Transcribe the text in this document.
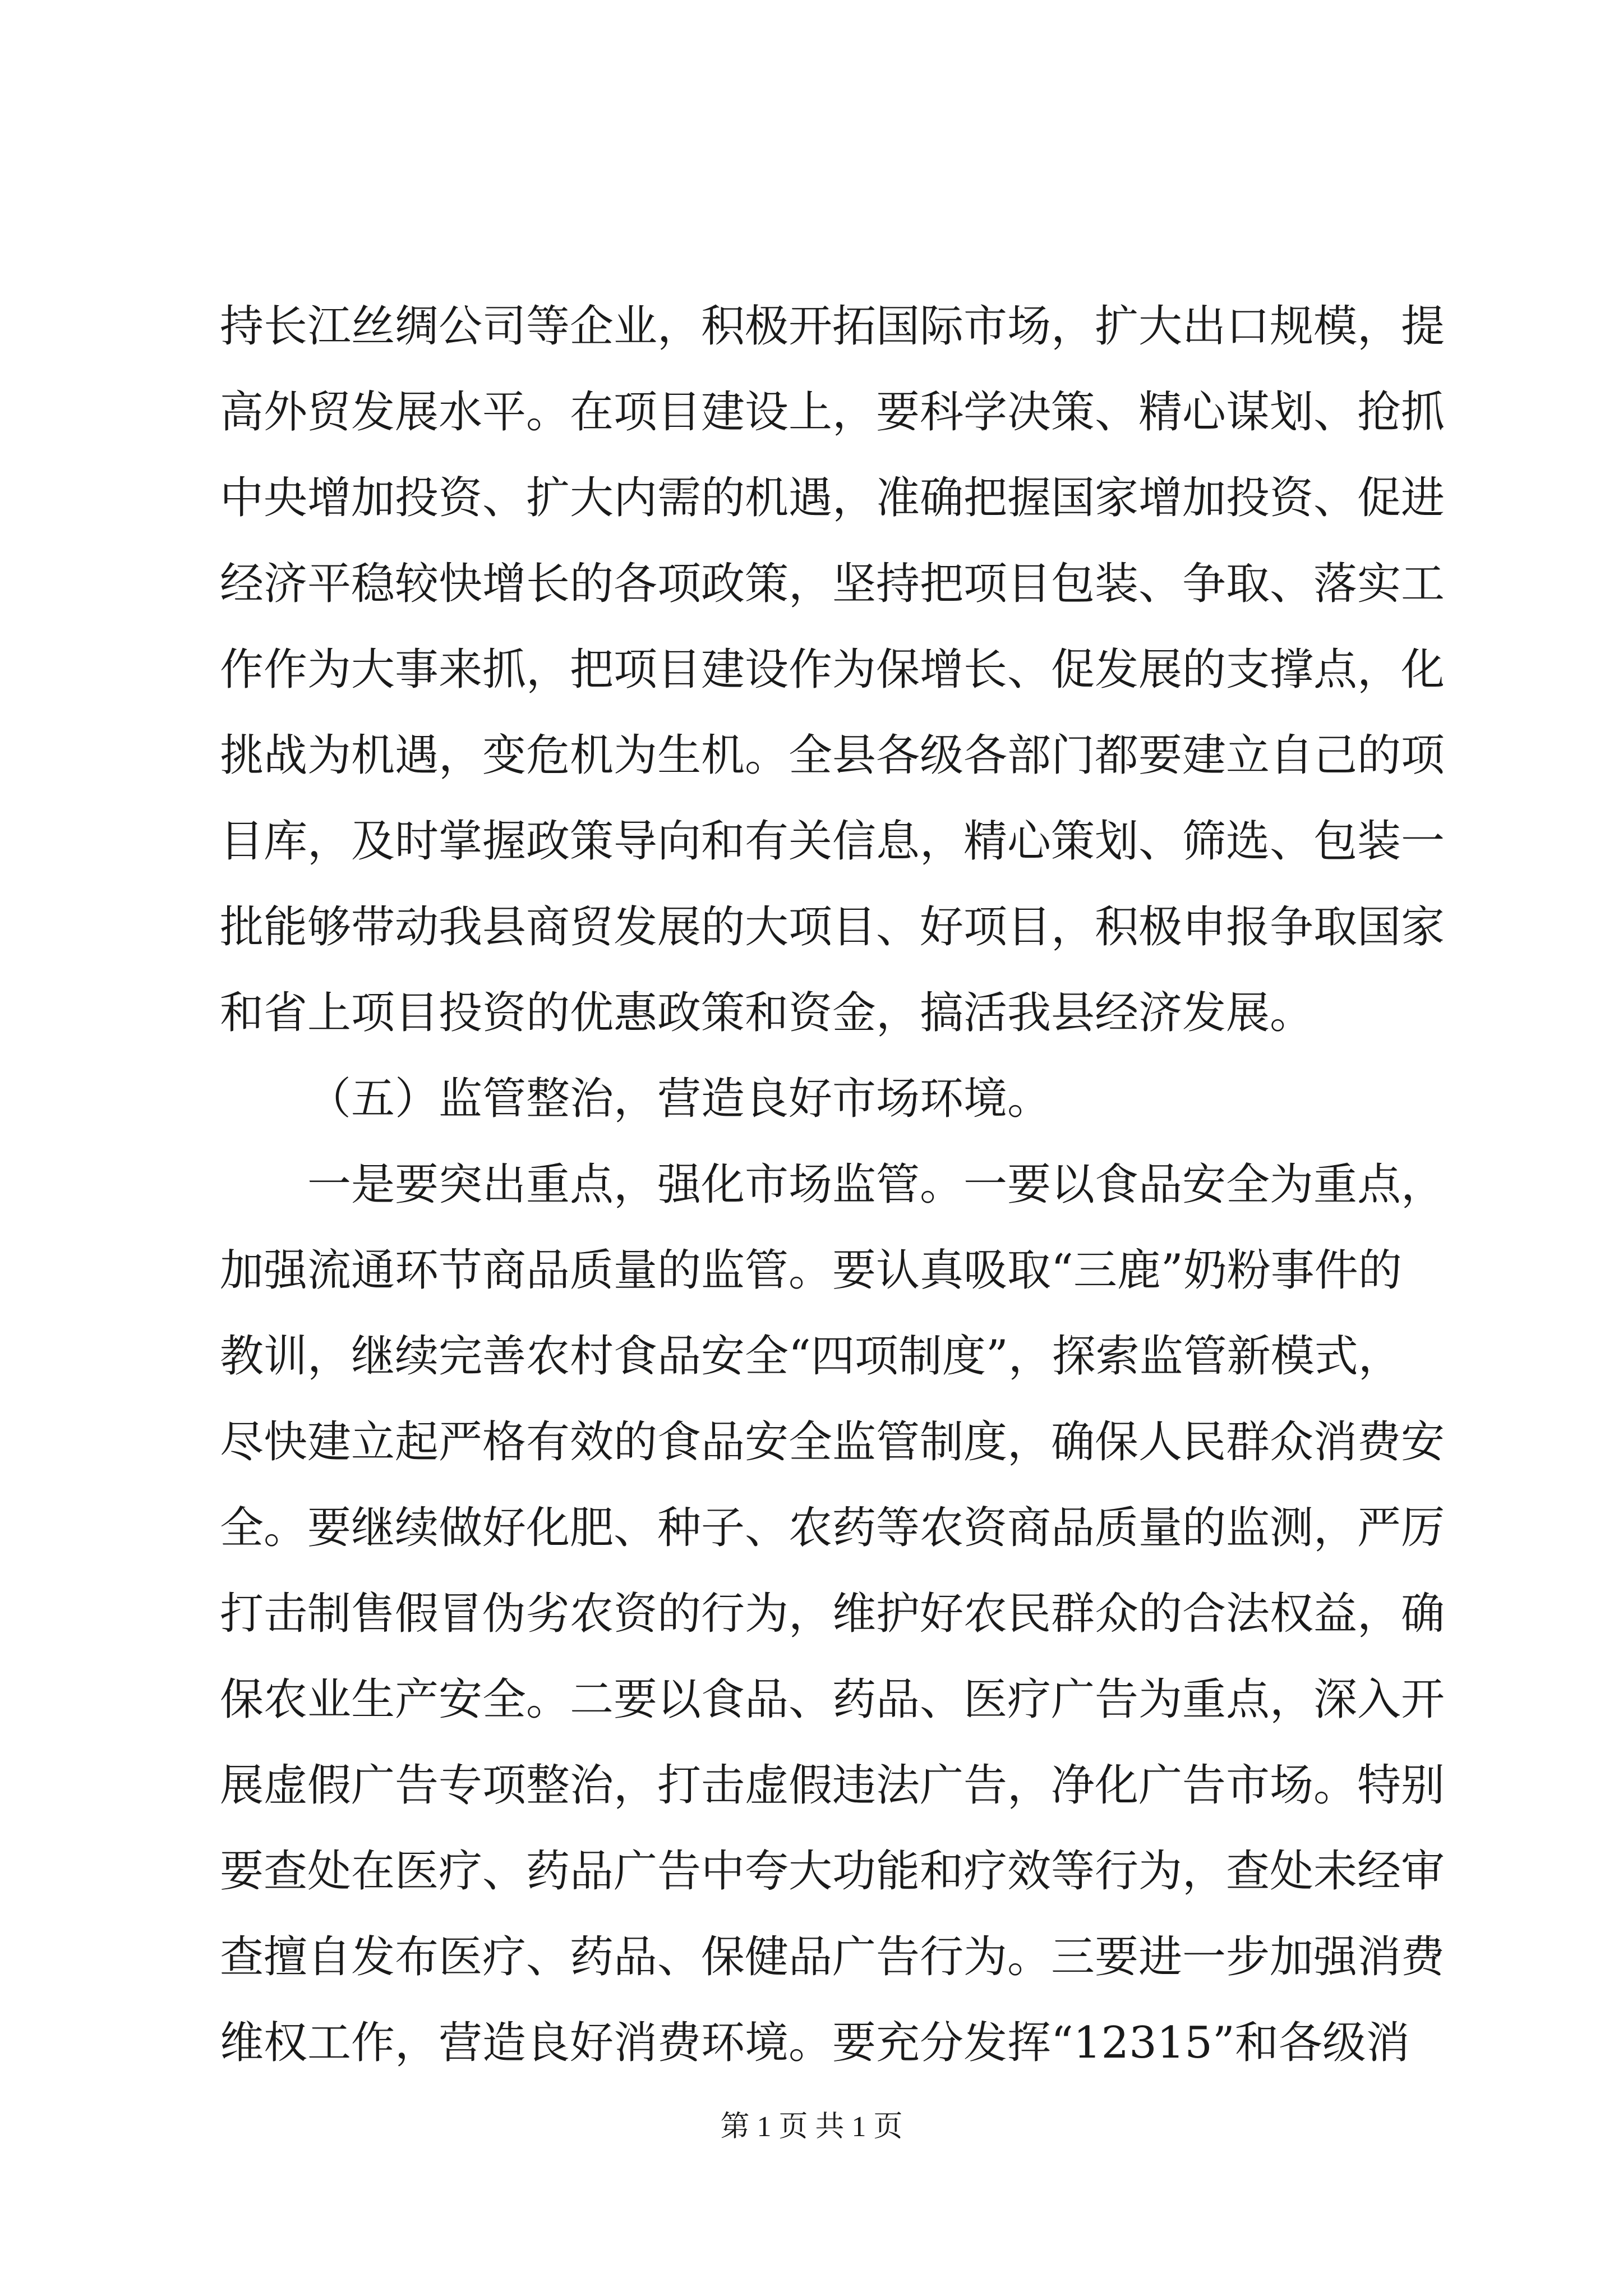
持长江丝绸公司等企业，积极开拓国际市场，扩大出口规模，提
高外贸发展水平。在项目建设上，要科学决策、精心谋划、抢抓
中央增加投资、扩大内需的机遇，准确把握国家增加投资、促进
经济平稳较快增长的各项政策，坚持把项目包装、争取、落实工
作作为大事来抓，把项目建设作为保增长、促发展的支撑点，化
挑战为机遇，变危机为生机。全县各级各部门都要建立自己的项
目库，及时掌握政策导向和有关信息，精心策划、筛选、包装一
批能够带动我县商贸发展的大项目、好项目，积极申报争取国家
和省上项目投资的优惠政策和资金，搞活我县经济发展。
（五）监管整治，营造良好市场环境。
一是要突出重点，强化市场监管。一要以食品安全为重点，
加强流通环节商品质量的监管。要认真吸取“三鹿”奶粉事件的
教训，继续完善农村食品安全“四项制度”，探索监管新模式，
尽快建立起严格有效的食品安全监管制度，确保人民群众消费安
全。要继续做好化肥、种子、农药等农资商品质量的监测，严厉
打击制售假冒伪劣农资的行为，维护好农民群众的合法权益，确
保农业生产安全。二要以食品、药品、医疗广告为重点，深入开
展虚假广告专项整治，打击虚假违法广告，净化广告市场。特别
要查处在医疗、药品广告中夸大功能和疗效等行为，查处未经审
查擅自发布医疗、药品、保健品广告行为。三要进一步加强消费
维权工作，营造良好消费环境。要充分发挥“12315”和各级消
第 1 页 共 1 页
